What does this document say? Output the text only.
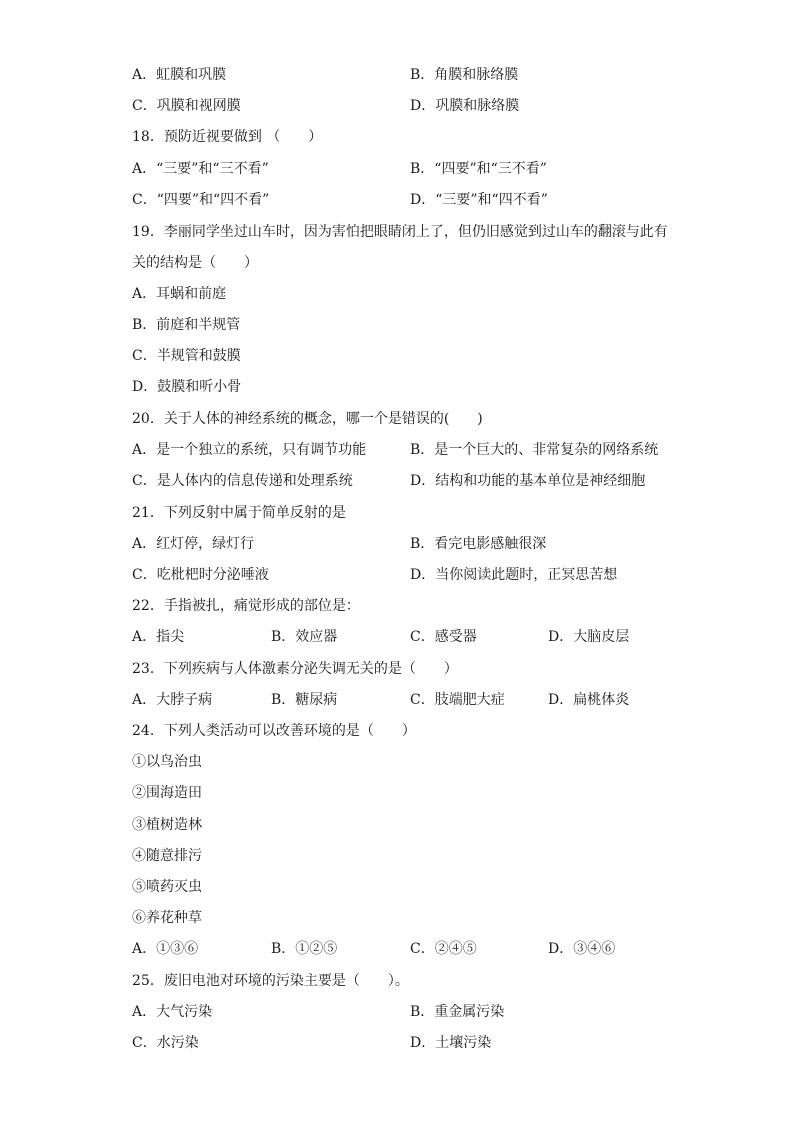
A．虹膜和巩膜	B．角膜和脉络膜
C．巩膜和视网膜	D．巩膜和脉络膜
18．预防近视要做到 （　　）
A．“三要”和“三不看”	B．“四要”和“三不看”
C．“四要”和“四不看”	D．“三要”和“四不看”
19．李丽同学坐过山车时，因为害怕把眼睛闭上了，但仍旧感觉到过山车的翻滚与此有
关的结构是（　　）
A．耳蜗和前庭
B．前庭和半规管
C．半规管和鼓膜
D．鼓膜和听小骨
20．关于人体的神经系统的概念，哪一个是错误的(　　)
A．是一个独立的系统，只有调节功能	B．是一个巨大的、非常复杂的网络系统
C．是人体内的信息传递和处理系统	D．结构和功能的基本单位是神经细胞
21．下列反射中属于简单反射的是
A．红灯停，绿灯行	B．看完电影感触很深
C．吃枇杷时分泌唾液	D．当你阅读此题时，正冥思苦想
22．手指被扎，痛觉形成的部位是：
A．指尖	B．效应器	C．感受器	D．大脑皮层
23．下列疾病与人体激素分泌失调无关的是（　　）
A．大脖子病	B．糖尿病	C．肢端肥大症	D．扁桃体炎
24．下列人类活动可以改善环境的是（　　）
①以鸟治虫
②围海造田
③植树造林
④随意排污
⑤喷药灭虫
⑥养花种草
A．①③⑥	B．①②⑤	C．②④⑤	D．③④⑥
25．废旧电池对环境的污染主要是（　　）。
A．大气污染	B．重金属污染
C．水污染	D．土壤污染
